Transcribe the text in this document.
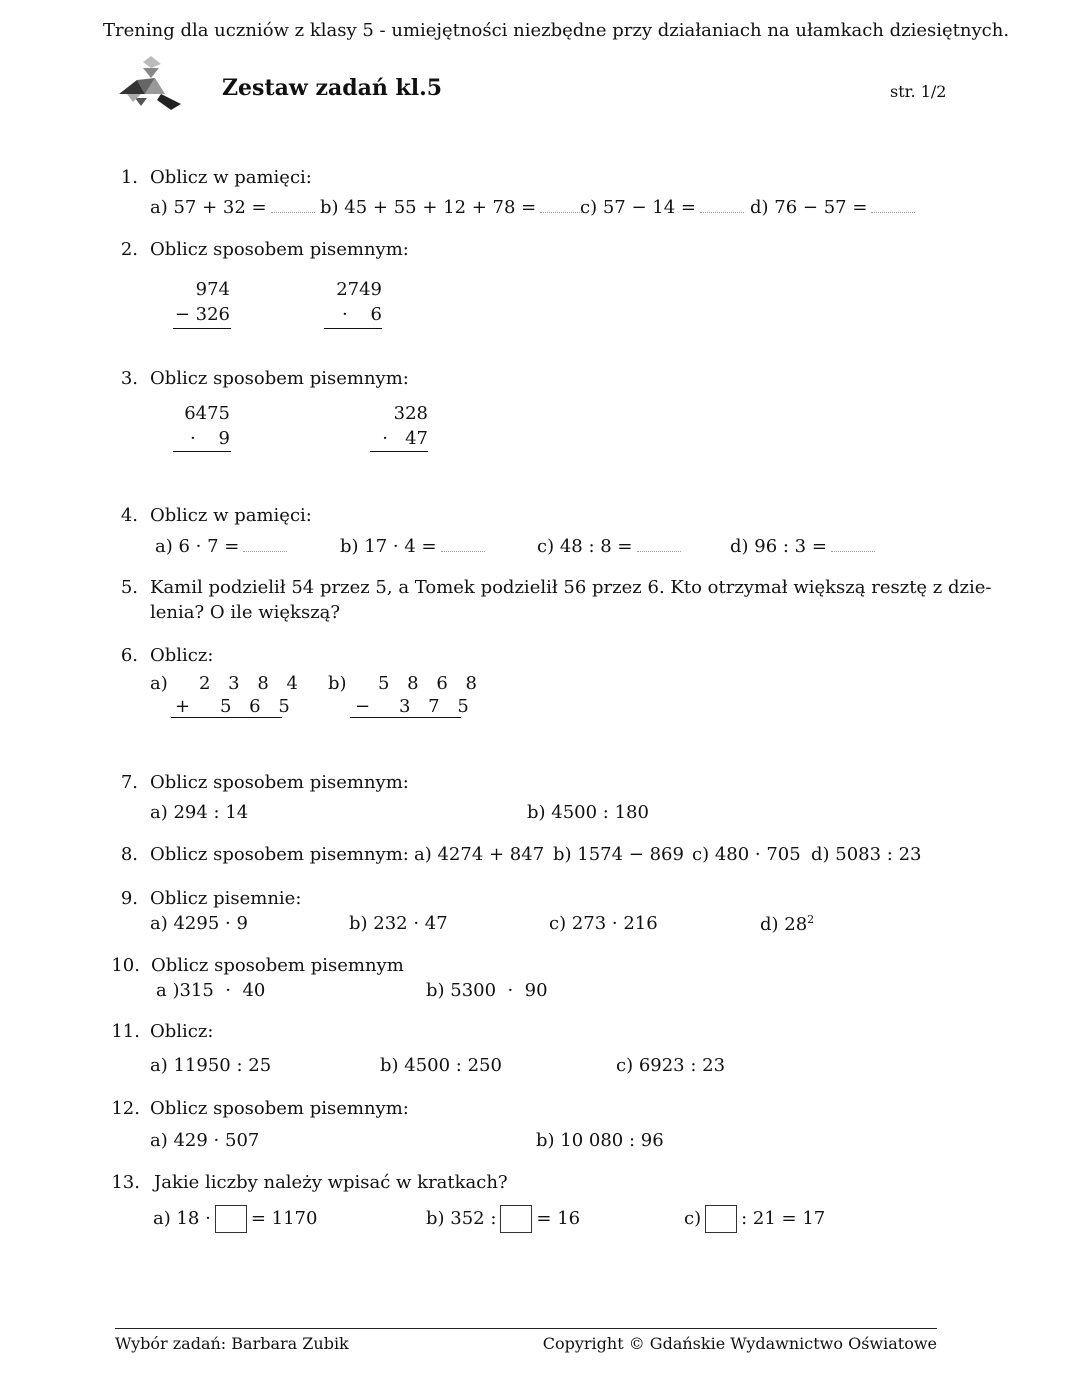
Trening dla uczniów z klasy 5 - umiejętności niezbędne przy działaniach na ułamkach dziesiętnych.
Zestaw zadań kl.5	str. 1/2
1. Oblicz w pamięci:
a) 57 + 32 =	b) 45 + 55 + 12 + 78 =	c) 57 − 14 =	d) 76 − 57 =
2. Oblicz sposobem pisemnym:
974
− 326
2749
·    6
3. Oblicz sposobem pisemnym:
6475
·    9
328
·   47
4. Oblicz w pamięci:
a) 6 · 7 =	b) 17 · 4 =	c) 48 : 8 =	d) 96 : 3 =
5. Kamil podzielił 54 przez 5, a Tomek podzielił 56 przez 6. Kto otrzymał większą resztę z dzie-
lenia? O ile większą?
6. Oblicz:
a) 2 3 8 4
+ 5 6 5
b) 5 8 6 8
− 3 7 5
7. Oblicz sposobem pisemnym:
a) 294 : 14	b) 4500 : 180
8. Oblicz sposobem pisemnym: a) 4274 + 847 b) 1574 − 869 c) 480 · 705 d) 5083 : 23
9. Oblicz pisemnie:
a) 4295 · 9	b) 232 · 47	c) 273 · 216	d) $28^2$
10. Oblicz sposobem pisemnym
a )315  ·  40	b) 5300  ·  90
11. Oblicz:
a) 11950 : 25	b) 4500 : 250	c) 6923 : 23
12. Oblicz sposobem pisemnym:
a) 429 · 507	b) 10 080 : 96
13. Jakie liczby należy wpisać w kratkach?
a) 18 · = 1170	b) 352 : = 16	c) : 21 = 17
Wybór zadań: Barbara Zubik	Copyright © Gdańskie Wydawnictwo Oświatowe
